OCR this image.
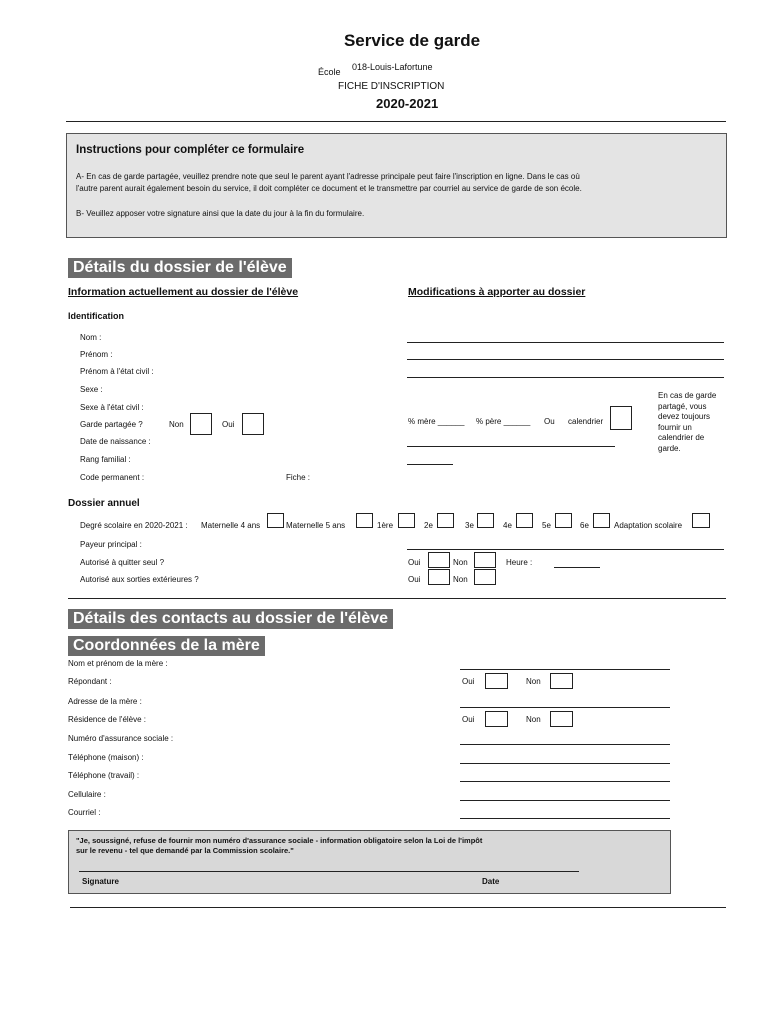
Service de garde
École 018-Louis-Lafortune
FICHE D'INSCRIPTION
2020-2021
Instructions pour compléter ce formulaire
A- En cas de garde partagée, veuillez prendre note que seul le parent ayant l'adresse principale peut faire l'inscription en ligne. Dans le cas où
l'autre parent aurait également besoin du service, il doit compléter ce document et le transmettre par courriel au service de garde de son école.
B- Veuillez apposer votre signature ainsi que la date du jour à la fin du formulaire.
Détails du dossier de l'élève
Information actuellement au dossier de l'élève	Modifications à apporter au dossier
Identification
Nom :
Prénom :
Prénom à l'état civil :
Sexe :
Sexe à l'état civil :
Garde partagée ?	Non	Oui
Date de naissance :
Rang familial :
Code permanent :	Fiche :
% mère ______ % père ______ Ou calendrier
En cas de garde
partagé, vous
devez toujours
fournir un
calendrier de
garde.
Dossier annuel
Degré scolaire en 2020-2021 : Maternelle 4 ans	Maternelle 5 ans	1ère	2e	3e	4e	5e	6e	Adaptation scolaire
Payeur principal :
Autorisé à quitter seul ?	Oui	Non	Heure :
Autorisé aux sorties extérieures ?	Oui	Non
Détails des contacts au dossier de l'élève
Coordonnées de la mère
Nom et prénom de la mère :
Répondant :	Oui	Non
Adresse de la mère :
Résidence de l'élève :	Oui	Non
Numéro d'assurance sociale :
Téléphone (maison) :
Téléphone (travail) :
Cellulaire :
Courriel :
"Je, soussigné, refuse de fournir mon numéro d'assurance sociale - information obligatoire selon la Loi de l'impôt
sur le revenu - tel que demandé par la Commission scolaire."
Signature	Date
